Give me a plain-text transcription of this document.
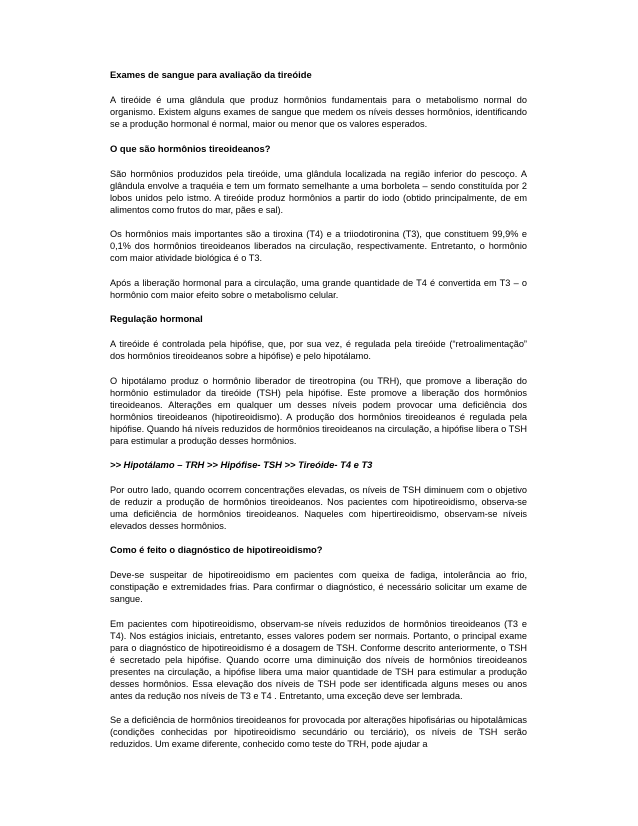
Exames de sangue para avaliação da tireóide
A tireóide é uma glândula que produz hormônios fundamentais para o metabolismo normal do organismo. Existem alguns exames de sangue que medem os níveis desses hormônios, identificando se a produção hormonal é normal, maior ou menor que os valores esperados.
O que são hormônios tireoideanos?
São hormônios produzidos pela tireóide, uma glândula localizada na região inferior do pescoço. A glândula envolve a traquéia e tem um formato semelhante a uma borboleta – sendo constituída por 2 lobos unidos pelo istmo. A tireóide produz hormônios a partir do iodo (obtido principalmente, de em alimentos como frutos do mar, pães e sal).
Os hormônios mais importantes são a tiroxina (T4) e a triiodotironina (T3), que constituem 99,9% e 0,1% dos hormônios tireoideanos liberados na circulação, respectivamente. Entretanto, o hormônio com maior atividade biológica é o T3.
Após a liberação hormonal para a circulação, uma grande quantidade de T4 é convertida em T3 – o hormônio com maior efeito sobre o metabolismo celular.
Regulação hormonal
A tireóide é controlada pela hipófise, que, por sua vez, é regulada pela tireóide (“retroalimentação” dos hormônios tireoideanos sobre a hipófise) e pelo hipotálamo.
O hipotálamo produz o hormônio liberador de tireotropina (ou TRH), que promove a liberação do hormônio estimulador da tireóide (TSH) pela hipófise. Este promove a liberação dos hormônios tireoideanos. Alterações em qualquer um desses níveis podem provocar uma deficiência dos hormônios tireoideanos (hipotireoidismo). A produção dos hormônios tireoideanos é regulada pela hipófise. Quando há níveis reduzidos de hormônios tireoideanos na circulação, a hipófise libera o TSH para estimular a produção desses hormônios.
>> Hipotálamo – TRH >> Hipófise- TSH >> Tireóide- T4 e T3
Por outro lado, quando ocorrem concentrações elevadas, os níveis de TSH diminuem com o objetivo de reduzir a produção de hormônios tireoideanos. Nos pacientes com hipotireoidismo, observa-se uma deficiência de hormônios tireoideanos. Naqueles com hipertireoidismo, observam-se níveis elevados desses hormônios.
Como é feito o diagnóstico de hipotireoidismo?
Deve-se suspeitar de hipotireoidismo em pacientes com queixa de fadiga, intolerância ao frio, constipação e extremidades frias. Para confirmar o diagnóstico, é necessário solicitar um exame de sangue.
Em pacientes com hipotireoidismo, observam-se níveis reduzidos de hormônios tireoideanos (T3 e T4). Nos estágios iniciais, entretanto, esses valores podem ser normais. Portanto, o principal exame para o diagnóstico de hipotireoidismo é a dosagem de TSH. Conforme descrito anteriormente, o TSH é secretado pela hipófise. Quando ocorre uma diminuição dos níveis de hormônios tireoideanos presentes na circulação, a hipófise libera uma maior quantidade de TSH para estimular a produção desses hormônios. Essa elevação dos níveis de TSH pode ser identificada alguns meses ou anos antes da redução nos níveis de T3 e T4 . Entretanto, uma exceção deve ser lembrada.
Se a deficiência de hormônios tireoideanos for provocada por alterações hipofisárias ou hipotalâmicas (condições conhecidas por hipotireoidismo secundário ou terciário), os níveis de TSH serão reduzidos. Um exame diferente, conhecido como teste do TRH, pode ajudar a
